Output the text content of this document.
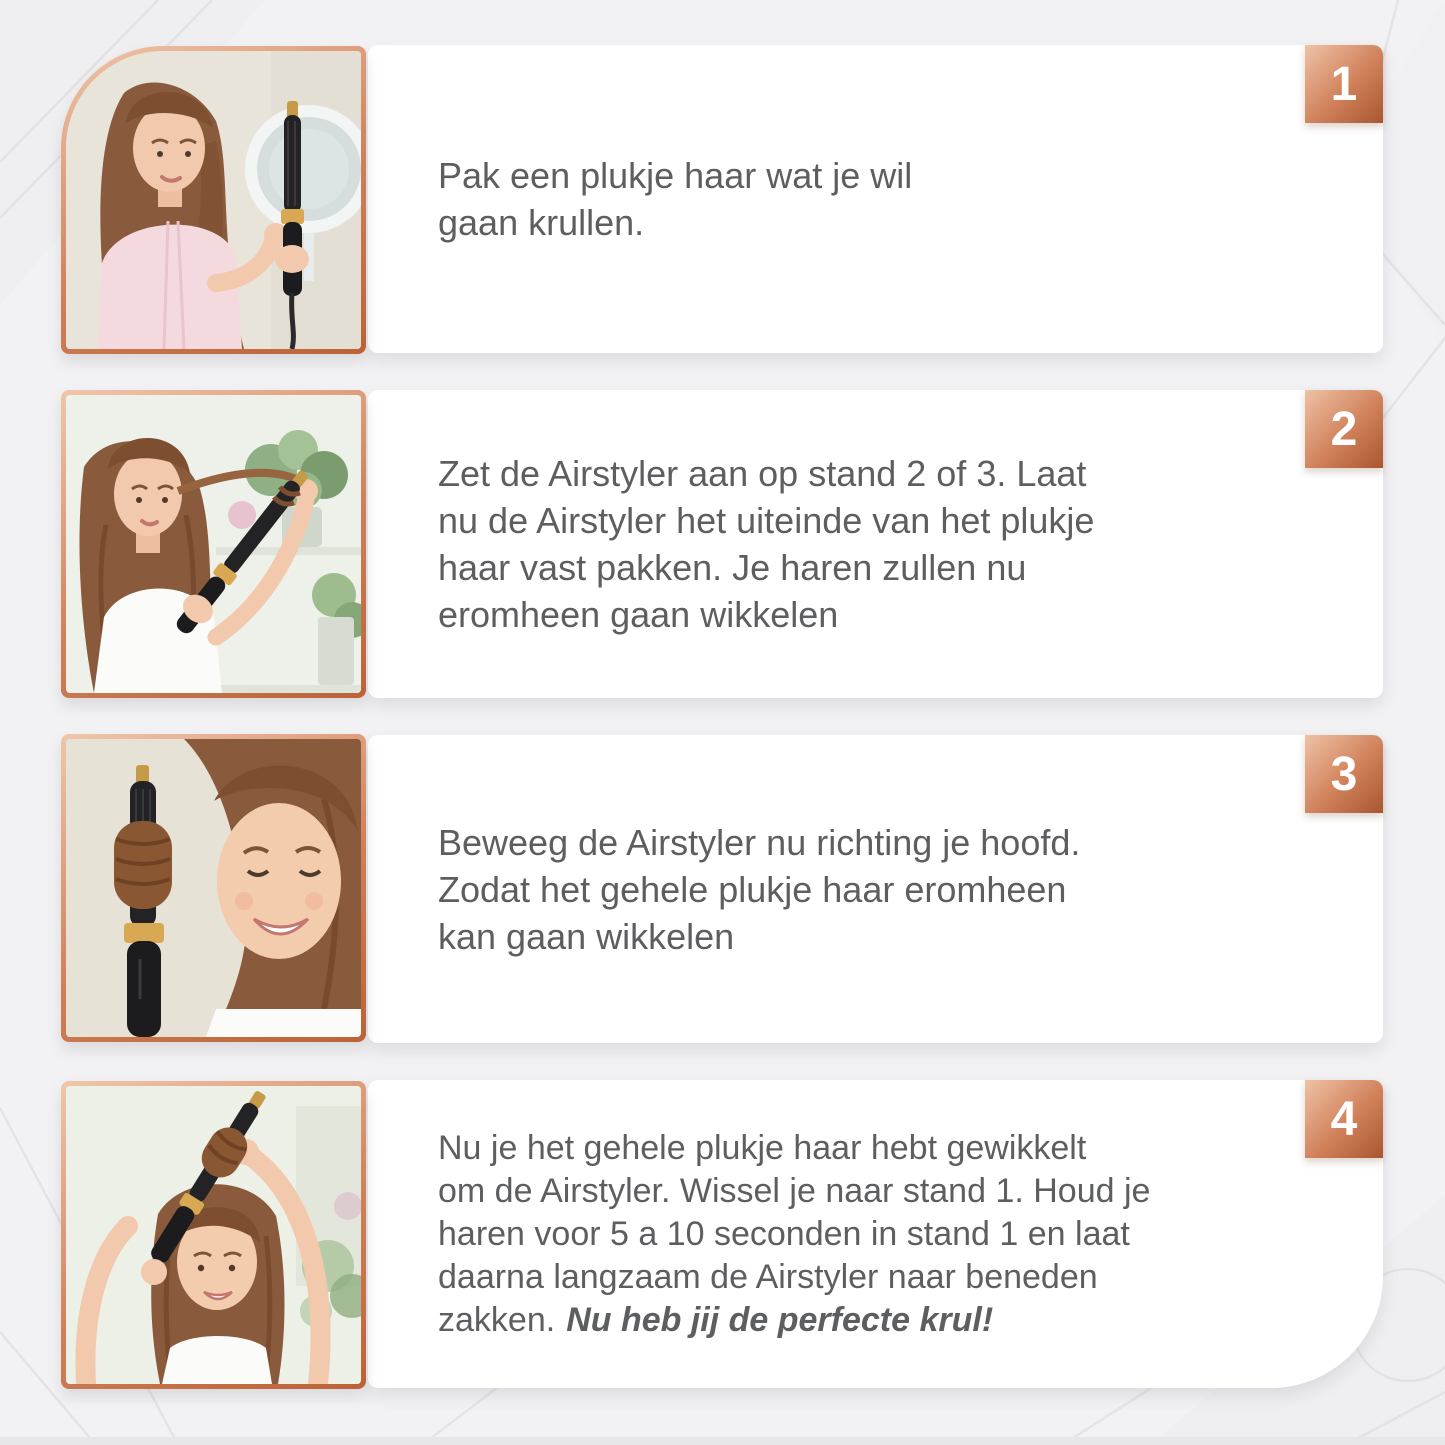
Pak een plukje haar wat je wil
gaan krullen.
1
Zet de Airstyler aan op stand 2 of 3. Laat
nu de Airstyler het uiteinde van het plukje
haar vast pakken. Je haren zullen nu
eromheen gaan wikkelen
2
Beweeg de Airstyler nu richting je hoofd.
Zodat het gehele plukje haar eromheen
kan gaan wikkelen
3
Nu je het gehele plukje haar hebt gewikkelt
om de Airstyler. Wissel je naar stand 1. Houd je
haren voor 5 a 10 seconden in stand 1 en laat
daarna langzaam de Airstyler naar beneden
zakken. Nu heb jij de perfecte krul!
4
